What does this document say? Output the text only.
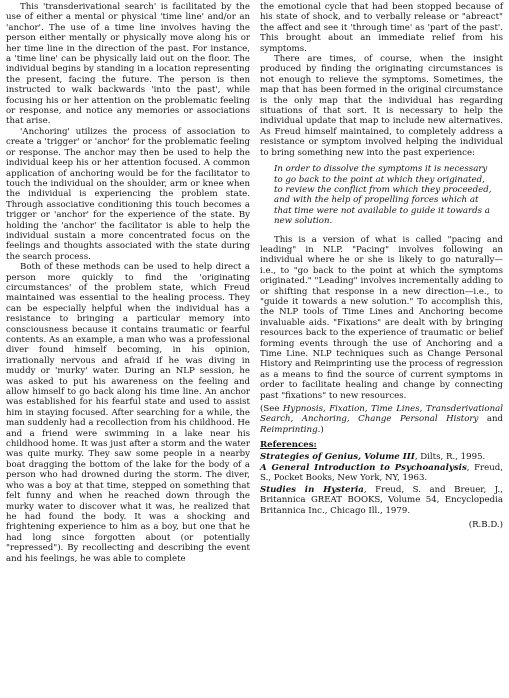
This 'transderivational search' is facilitated by the use of either a mental or physical 'time line' and/or an 'anchor'. The use of a time line involves having the person either mentally or physically move along his or her time line in the direction of the past. For instance, a 'time line' can be physically laid out on the floor. The individual begins by standing in a location representing the present, facing the future. The person is then instructed to walk backwards 'into the past', while focusing his or her attention on the problematic feeling or response, and notice any memories or associations that arise.

'Anchoring' utilizes the process of association to create a 'trigger' or 'anchor' for the problematic feeling or response. The anchor may then be used to help the individual keep his or her attention focused. A common application of anchoring would be for the facilitator to touch the individual on the shoulder, arm or knee when the individual is experiencing the problem state. Through associative conditioning this touch becomes a trigger or 'anchor' for the experience of the state. By holding the 'anchor' the facilitator is able to help the individual sustain a more concentrated focus on the feelings and thoughts associated with the state during the search process.

Both of these methods can be used to help direct a person more quickly to find the 'originating circumstances' of the problem state, which Freud maintained was essential to the healing process. They can be especially helpful when the individual has a resistance to bringing a particular memory into consciousness because it contains traumatic or fearful contents. As an example, a man who was a professional diver found himself becoming, in his opinion, irrationally nervous and afraid if he was diving in muddy or 'murky' water. During an NLP session, he was asked to put his awareness on the feeling and allow himself to go back along his time line. An anchor was established for his fearful state and used to assist him in staying focused. After searching for a while, the man suddenly had a recollection from his childhood. He and a friend were swimming in a lake near his childhood home. It was just after a storm and the water was quite murky. They saw some people in a nearby boat dragging the bottom of the lake for the body of a person who had drowned during the storm. The diver, who was a boy at that time, stepped on something that felt funny and when he reached down through the murky water to discover what it was, he realized that he had found the body. It was a shocking and frightening experience to him as a boy, but one that he had long since forgotten about (or potentially "repressed"). By recollecting and describing the event and his feelings, he was able to complete

the emotional cycle that had been stopped because of his state of shock, and to verbally release or "abreact" the affect and see it 'through time' as 'part of the past'. This brought about an immediate relief from his symptoms.

There are times, of course, when the insight produced by finding the originating circumstances is not enough to relieve the symptoms. Sometimes, the map that has been formed in the original circumstance is the only map that the individual has regarding situations of that sort. It is necessary to help the individual update that map to include new alternatives. As Freud himself maintained, to completely address a resistance or symptom involved helping the individual to bring something new into the past experience:

In order to dissolve the symptoms it is necessary to go back to the point at which they originated, to review the conflict from which they proceeded, and with the help of propelling forces which at that time were not available to guide it towards a new solution.

This is a version of what is called "pacing and leading" in NLP. "Pacing" involves following an individual where he or she is likely to go naturally—i.e., to "go back to the point at which the symptoms originated." "Leading" involves incrementally adding to or shifting that response in a new direction—i.e., to "guide it towards a new solution." To accomplish this, the NLP tools of Time Lines and Anchoring become invaluable aids. "Fixations" are dealt with by bringing resources back to the experience of traumatic or belief forming events through the use of Anchoring and a Time Line. NLP techniques such as Change Personal History and Reimprinting use the process of regression as a means to find the source of current symptoms in order to facilitate healing and change by connecting past "fixations" to new resources.

(See Hypnosis, Fixation, Time Lines, Transderivational Search, Anchoring, Change Personal History and Reimprinting.)

References:

Strategies of Genius, Volume III, Dilts, R., 1995.

A General Introduction to Psychoanalysis, Freud, S., Pocket Books, New York, NY, 1963.

Studies in Hysteria, Freud, S. and Breuer, J., Britannica GREAT BOOKS, Volume 54, Encyclopedia Britannica Inc., Chicago Ill., 1979.

(R.B.D.)
